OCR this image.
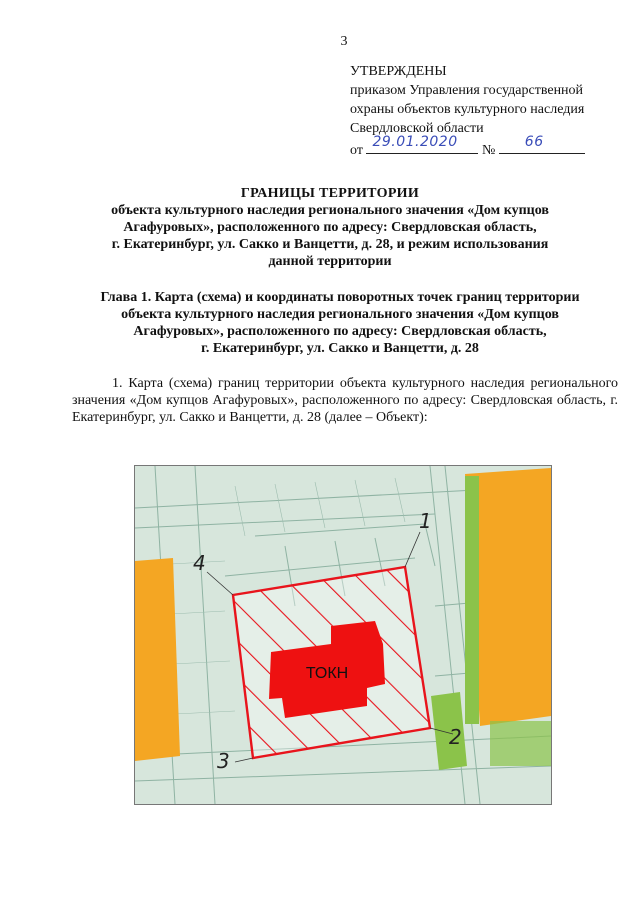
3
УТВЕРЖДЕНЫ
приказом Управления государственной
охраны объектов культурного наследия
Свердловской области
от
29.01.2020
№
66
ГРАНИЦЫ ТЕРРИТОРИИ
объекта культурного наследия регионального значения «Дом купцов
Агафуровых», расположенного по адресу: Свердловская область,
г. Екатеринбург, ул. Сакко и Ванцетти, д. 28, и режим использования
данной территории
Глава 1. Карта (схема) и координаты поворотных точек границ территории
объекта культурного наследия регионального значения «Дом купцов
Агафуровых», расположенного по адресу: Свердловская область,
г. Екатеринбург, ул. Сакко и Ванцетти, д. 28
1. Карта (схема) границ территории объекта культурного наследия регионального значения «Дом купцов Агафуровых», расположенного по адресу: Свердловская область, г. Екатеринбург, ул. Сакко и Ванцетти, д. 28 (далее – Объект):
ТОКН
1
2
3
4
